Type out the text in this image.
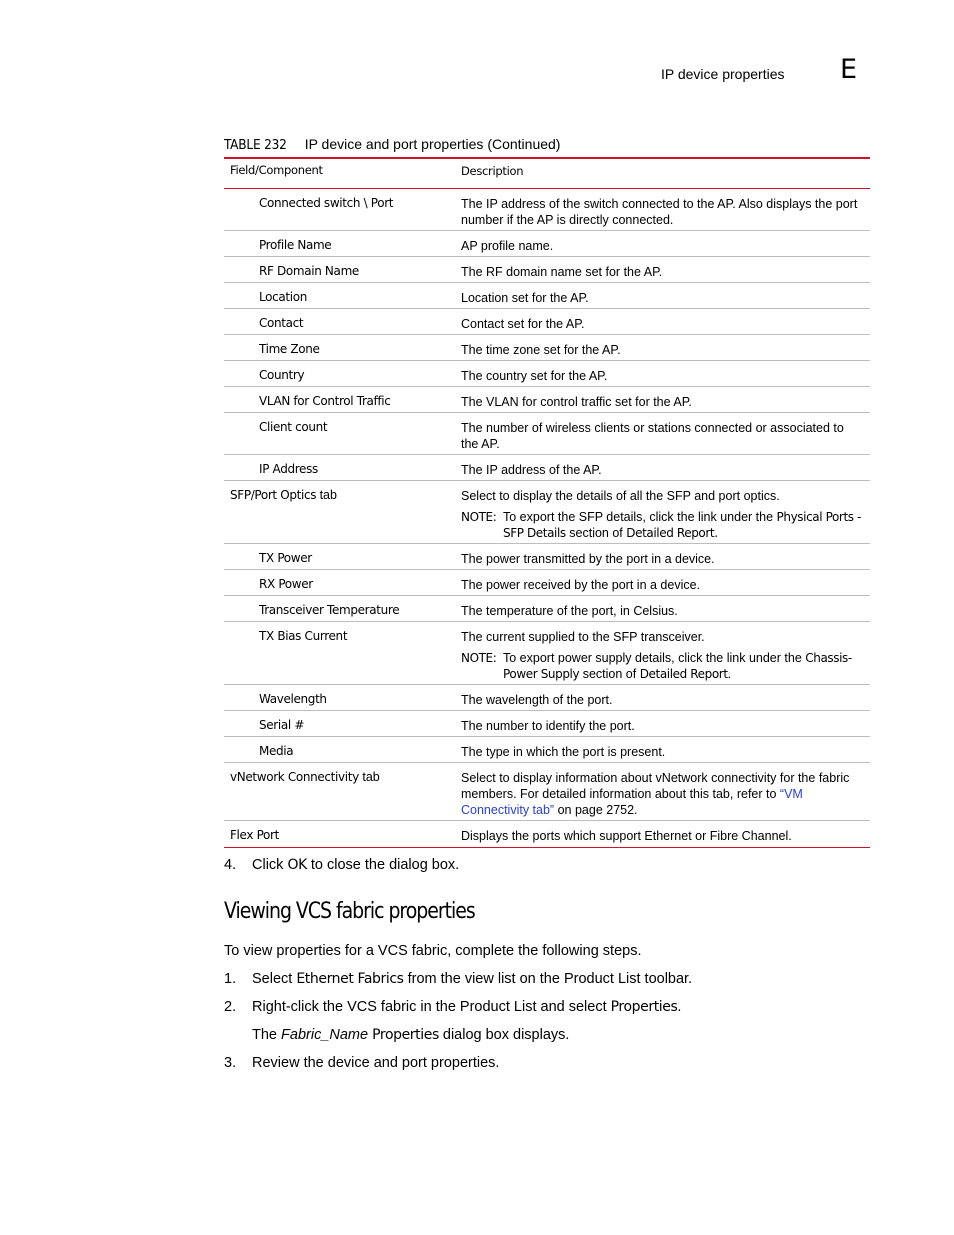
IP device properties E
TABLE 232 IP device and port properties (Continued)
Field/Component	Description
Connected switch \ Port	The IP address of the switch connected to the AP. Also displays the port number if the AP is directly connected.
Profile Name	AP profile name.
RF Domain Name	The RF domain name set for the AP.
Location	Location set for the AP.
Contact	Contact set for the AP.
Time Zone	The time zone set for the AP.
Country	The country set for the AP.
VLAN for Control Traffic	The VLAN for control traffic set for the AP.
Client count	The number of wireless clients or stations connected or associated to the AP.
IP Address	The IP address of the AP.
SFP/Port Optics tab	Select to display the details of all the SFP and port optics.
NOTE: To export the SFP details, click the link under the Physical Ports - SFP Details section of Detailed Report.
TX Power	The power transmitted by the port in a device.
RX Power	The power received by the port in a device.
Transceiver Temperature	The temperature of the port, in Celsius.
TX Bias Current	The current supplied to the SFP transceiver.
NOTE: To export power supply details, click the link under the Chassis-Power Supply section of Detailed Report.
Wavelength	The wavelength of the port.
Serial #	The number to identify the port.
Media	The type in which the port is present.
vNetwork Connectivity tab	Select to display information about vNetwork connectivity for the fabric members. For detailed information about this tab, refer to “VM Connectivity tab” on page 2752.
Flex Port	Displays the ports which support Ethernet or Fibre Channel.
4. Click OK to close the dialog box.
Viewing VCS fabric properties
To view properties for a VCS fabric, complete the following steps.
1. Select Ethernet Fabrics from the view list on the Product List toolbar.
2. Right-click the VCS fabric in the Product List and select Properties.
The Fabric_Name Properties dialog box displays.
3. Review the device and port properties.
